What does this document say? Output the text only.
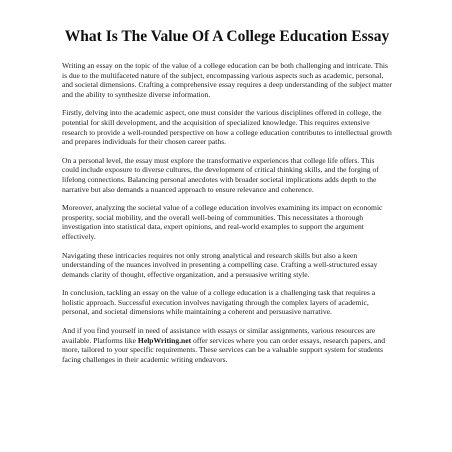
What Is The Value Of A College Education Essay

Writing an essay on the topic of the value of a college education can be both challenging and intricate. This is due to the multifaceted nature of the subject, encompassing various aspects such as academic, personal, and societal dimensions. Crafting a comprehensive essay requires a deep understanding of the subject matter and the ability to synthesize diverse information.

Firstly, delving into the academic aspect, one must consider the various disciplines offered in college, the potential for skill development, and the acquisition of specialized knowledge. This requires extensive research to provide a well-rounded perspective on how a college education contributes to intellectual growth and prepares individuals for their chosen career paths.

On a personal level, the essay must explore the transformative experiences that college life offers. This could include exposure to diverse cultures, the development of critical thinking skills, and the forging of lifelong connections. Balancing personal anecdotes with broader societal implications adds depth to the narrative but also demands a nuanced approach to ensure relevance and coherence.

Moreover, analyzing the societal value of a college education involves examining its impact on economic prosperity, social mobility, and the overall well-being of communities. This necessitates a thorough investigation into statistical data, expert opinions, and real-world examples to support the argument effectively.

Navigating these intricacies requires not only strong analytical and research skills but also a keen understanding of the nuances involved in presenting a compelling case. Crafting a well-structured essay demands clarity of thought, effective organization, and a persuasive writing style.

In conclusion, tackling an essay on the value of a college education is a challenging task that requires a holistic approach. Successful execution involves navigating through the complex layers of academic, personal, and societal dimensions while maintaining a coherent and persuasive narrative.

And if you find yourself in need of assistance with essays or similar assignments, various resources are available. Platforms like HelpWriting.net offer services where you can order essays, research papers, and more, tailored to your specific requirements. These services can be a valuable support system for students facing challenges in their academic writing endeavors.
